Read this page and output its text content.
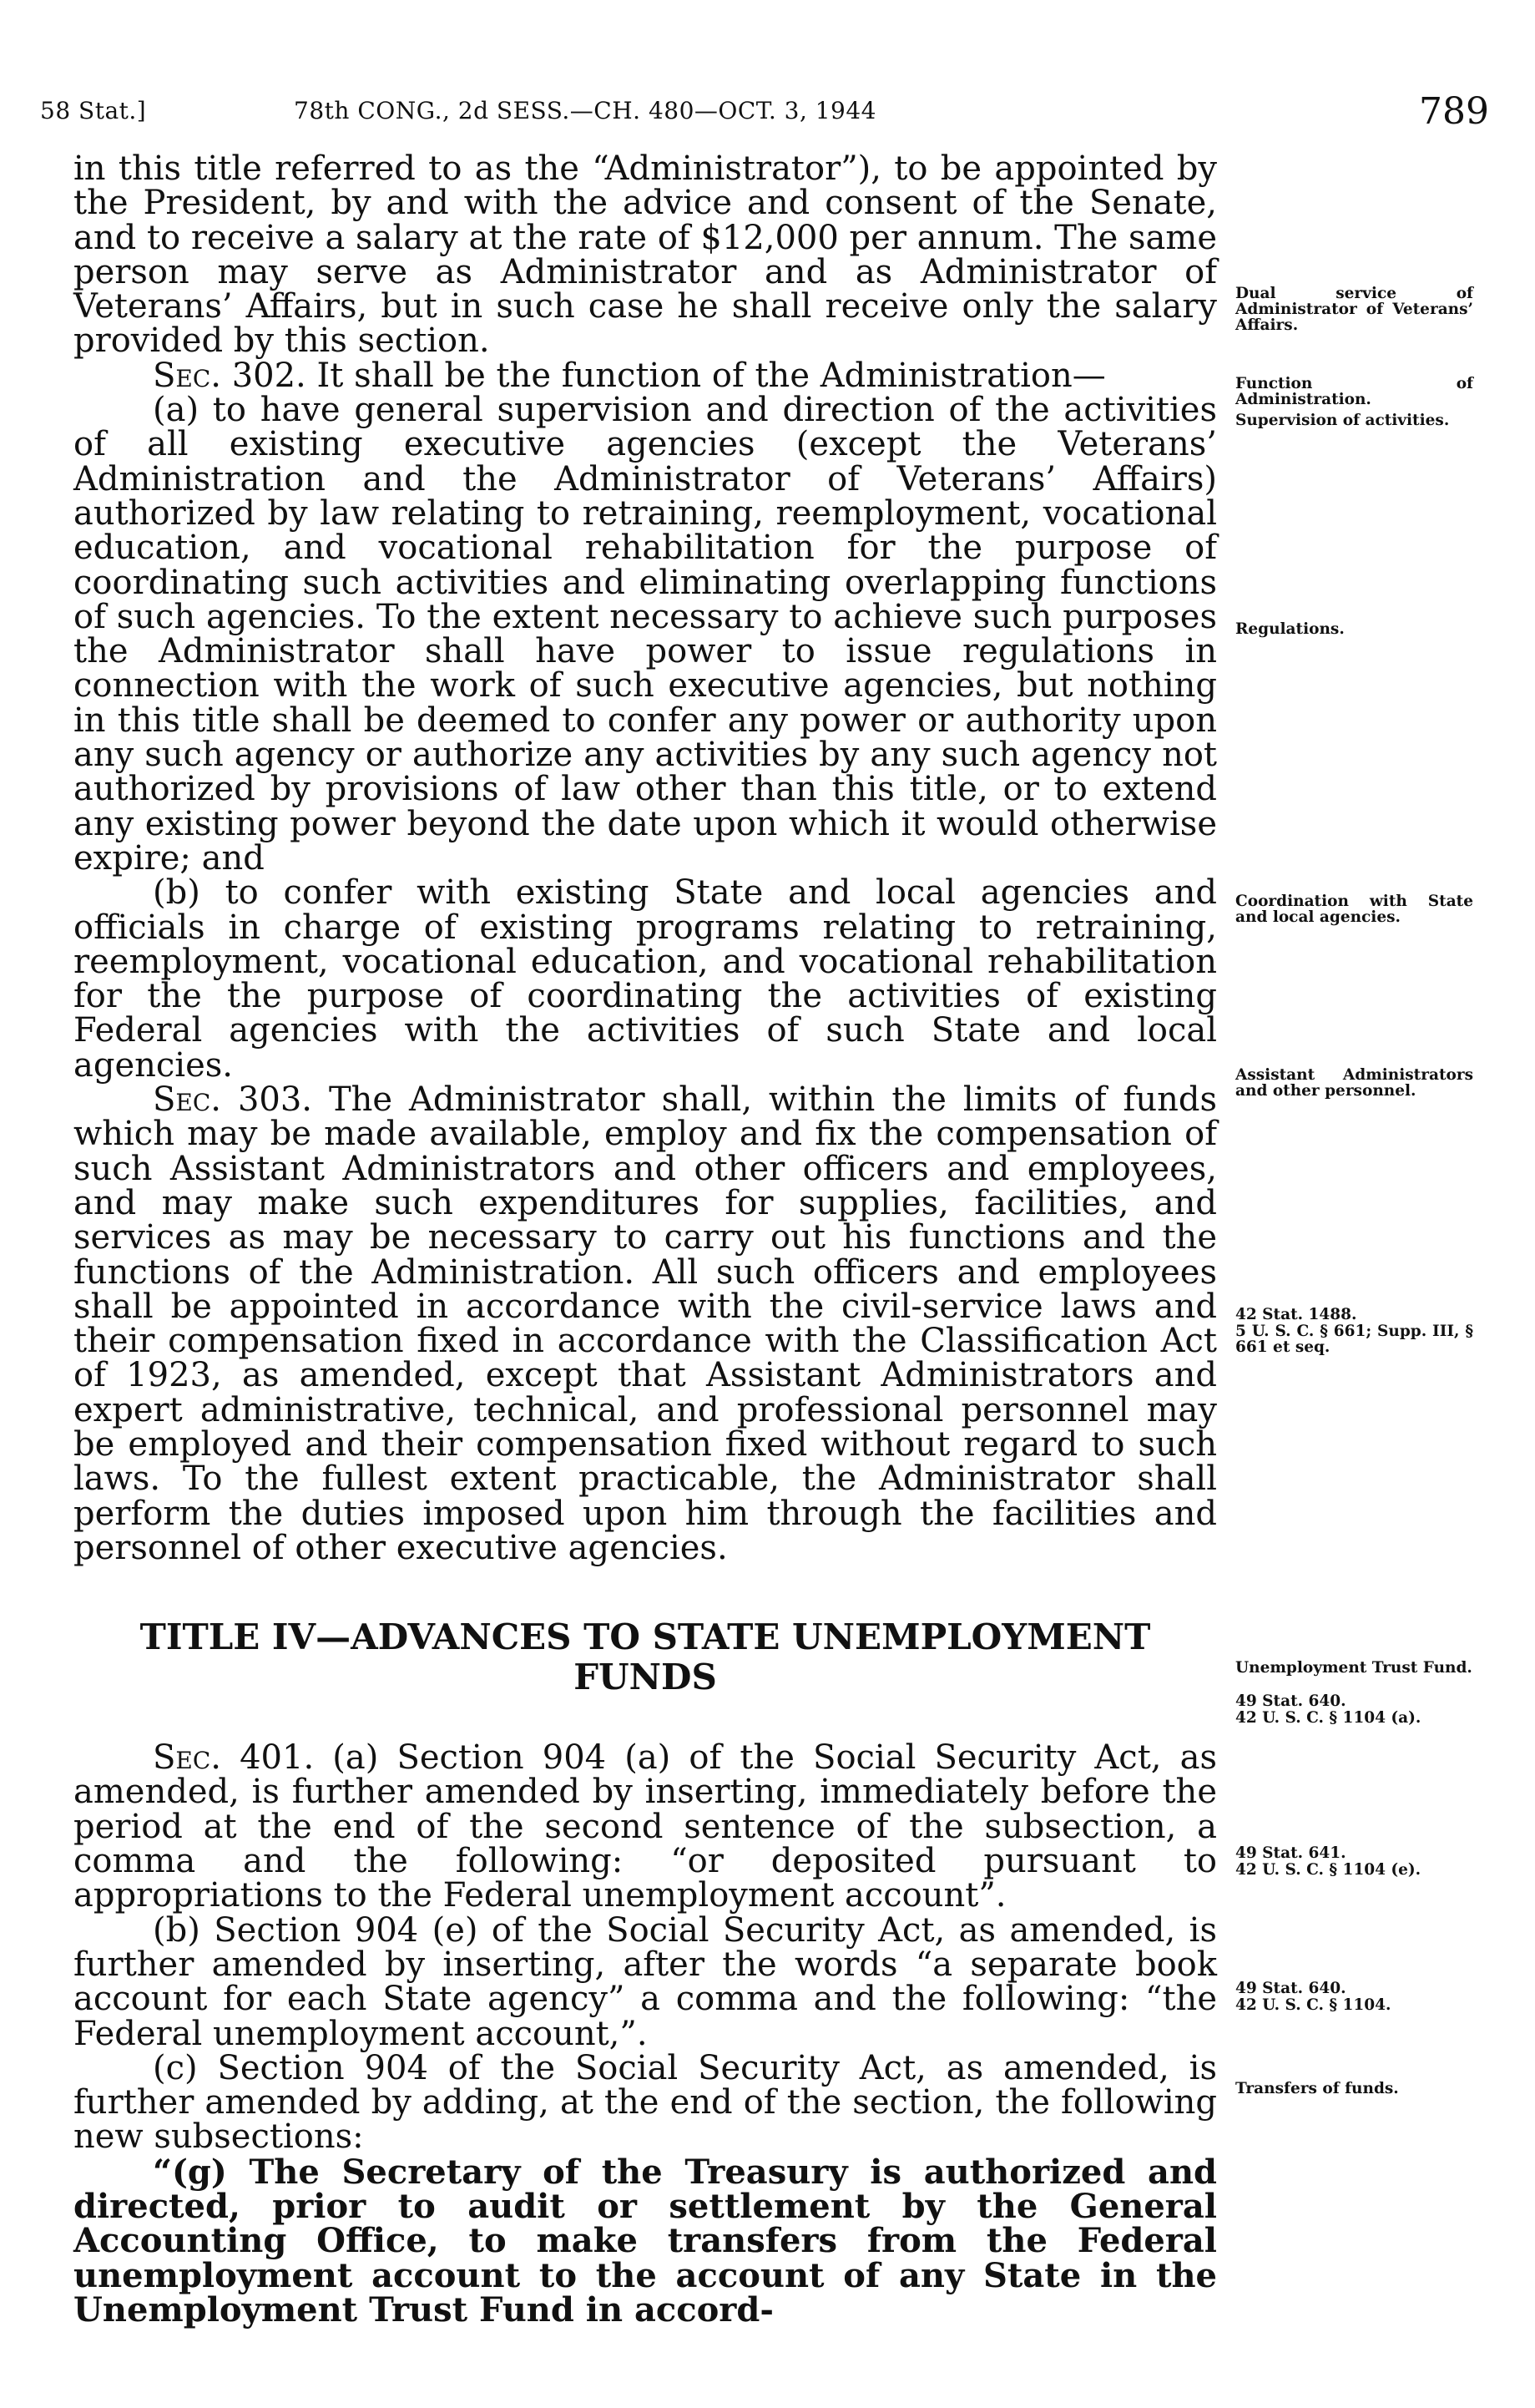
58 Stat.]	78th CONG., 2d SESS.—CH. 480—OCT. 3, 1944	789

in this title referred to as the “Administrator”), to be appointed by the President, by and with the advice and consent of the Senate, and to receive a salary at the rate of $12,000 per annum. The same person may serve as Administrator and as Administrator of Veterans’ Affairs, but in such case he shall receive only the salary provided by this section.

Sec. 302. It shall be the function of the Administration—

(a) to have general supervision and direction of the activities of all existing executive agencies (except the Veterans’ Administration and the Administrator of Veterans’ Affairs) authorized by law relating to retraining, reemployment, vocational education, and vocational rehabilitation for the purpose of coordinating such activities and eliminating overlapping functions of such agencies. To the extent necessary to achieve such purposes the Administrator shall have power to issue regulations in connection with the work of such executive agencies, but nothing in this title shall be deemed to confer any power or authority upon any such agency or authorize any activities by any such agency not authorized by provisions of law other than this title, or to extend any existing power beyond the date upon which it would otherwise expire; and

(b) to confer with existing State and local agencies and officials in charge of existing programs relating to retraining, reemployment, vocational education, and vocational rehabilitation for the the purpose of coordinating the activities of existing Federal agencies with the activities of such State and local agencies.

Sec. 303. The Administrator shall, within the limits of funds which may be made available, employ and fix the compensation of such Assistant Administrators and other officers and employees, and may make such expenditures for supplies, facilities, and services as may be necessary to carry out his functions and the functions of the Administration. All such officers and employees shall be appointed in accordance with the civil-service laws and their compensation fixed in accordance with the Classification Act of 1923, as amended, except that Assistant Administrators and expert administrative, technical, and professional personnel may be employed and their compensation fixed without regard to such laws. To the fullest extent practicable, the Administrator shall perform the duties imposed upon him through the facilities and personnel of other executive agencies.

TITLE IV—ADVANCES TO STATE UNEMPLOYMENT FUNDS

Sec. 401. (a) Section 904 (a) of the Social Security Act, as amended, is further amended by inserting, immediately before the period at the end of the second sentence of the subsection, a comma and the following: “or deposited pursuant to appropriations to the Federal unemployment account”.

(b) Section 904 (e) of the Social Security Act, as amended, is further amended by inserting, after the words “a separate book account for each State agency” a comma and the following: “the Federal unemployment account,”.

(c) Section 904 of the Social Security Act, as amended, is further amended by adding, at the end of the section, the following new subsections:

“(g) The Secretary of the Treasury is authorized and directed, prior to audit or settlement by the General Accounting Office, to make transfers from the Federal unemployment account to the account of any State in the Unemployment Trust Fund in accord-

Dual service of Administrator of Veterans’ Affairs.
Function of Administration.
Supervision of activities.
Regulations.
Coordination with State and local agencies.
Assistant Administrators and other personnel.
42 Stat. 1488.
5 U. S. C. § 661; Supp. III, § 661 et seq.
Unemployment Trust Fund.
49 Stat. 640.
42 U. S. C. § 1104 (a).
49 Stat. 641.
42 U. S. C. § 1104 (e).
49 Stat. 640.
42 U. S. C. § 1104.
Transfers of funds.
